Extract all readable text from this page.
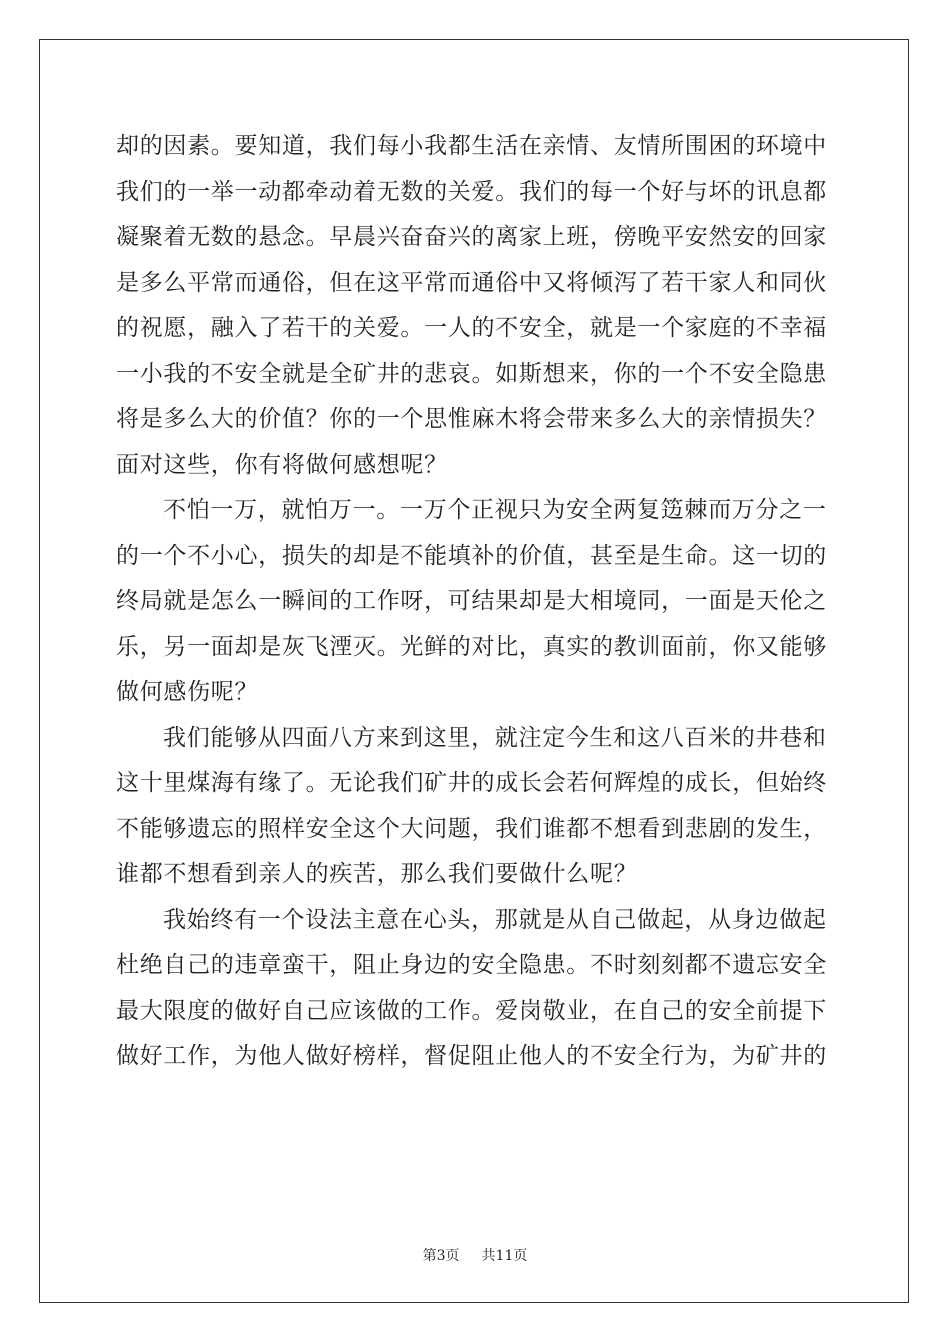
却的因素。要知道，我们每小我都生活在亲情、友情所围困的环境中
我们的一举一动都牵动着无数的关爱。我们的每一个好与坏的讯息都
凝聚着无数的悬念。早晨兴奋奋兴的离家上班，傍晚平安然安的回家
是多么平常而通俗，但在这平常而通俗中又将倾泻了若干家人和同伙
的祝愿，融入了若干的关爱。一人的不安全，就是一个家庭的不幸福
一小我的不安全就是全矿井的悲哀。如斯想来，你的一个不安全隐患
将是多么大的价值？你的一个思惟麻木将会带来多么大的亲情损失？
面对这些，你有将做何感想呢？
不怕一万，就怕万一。一万个正视只为安全两复笾棘而万分之一
的一个不小心，损失的却是不能填补的价值，甚至是生命。这一切的
终局就是怎么一瞬间的工作呀，可结果却是大相境同，一面是天伦之
乐，另一面却是灰飞湮灭。光鲜的对比，真实的教训面前，你又能够
做何感伤呢？
我们能够从四面八方来到这里，就注定今生和这八百米的井巷和
这十里煤海有缘了。无论我们矿井的成长会若何辉煌的成长，但始终
不能够遗忘的照样安全这个大问题，我们谁都不想看到悲剧的发生，
谁都不想看到亲人的疾苦，那么我们要做什么呢？
我始终有一个设法主意在心头，那就是从自己做起，从身边做起
杜绝自己的违章蛮干，阻止身边的安全隐患。不时刻刻都不遗忘安全
最大限度的做好自己应该做的工作。爱岗敬业，在自己的安全前提下
做好工作，为他人做好榜样，督促阻止他人的不安全行为，为矿井的
第3页 共11页
